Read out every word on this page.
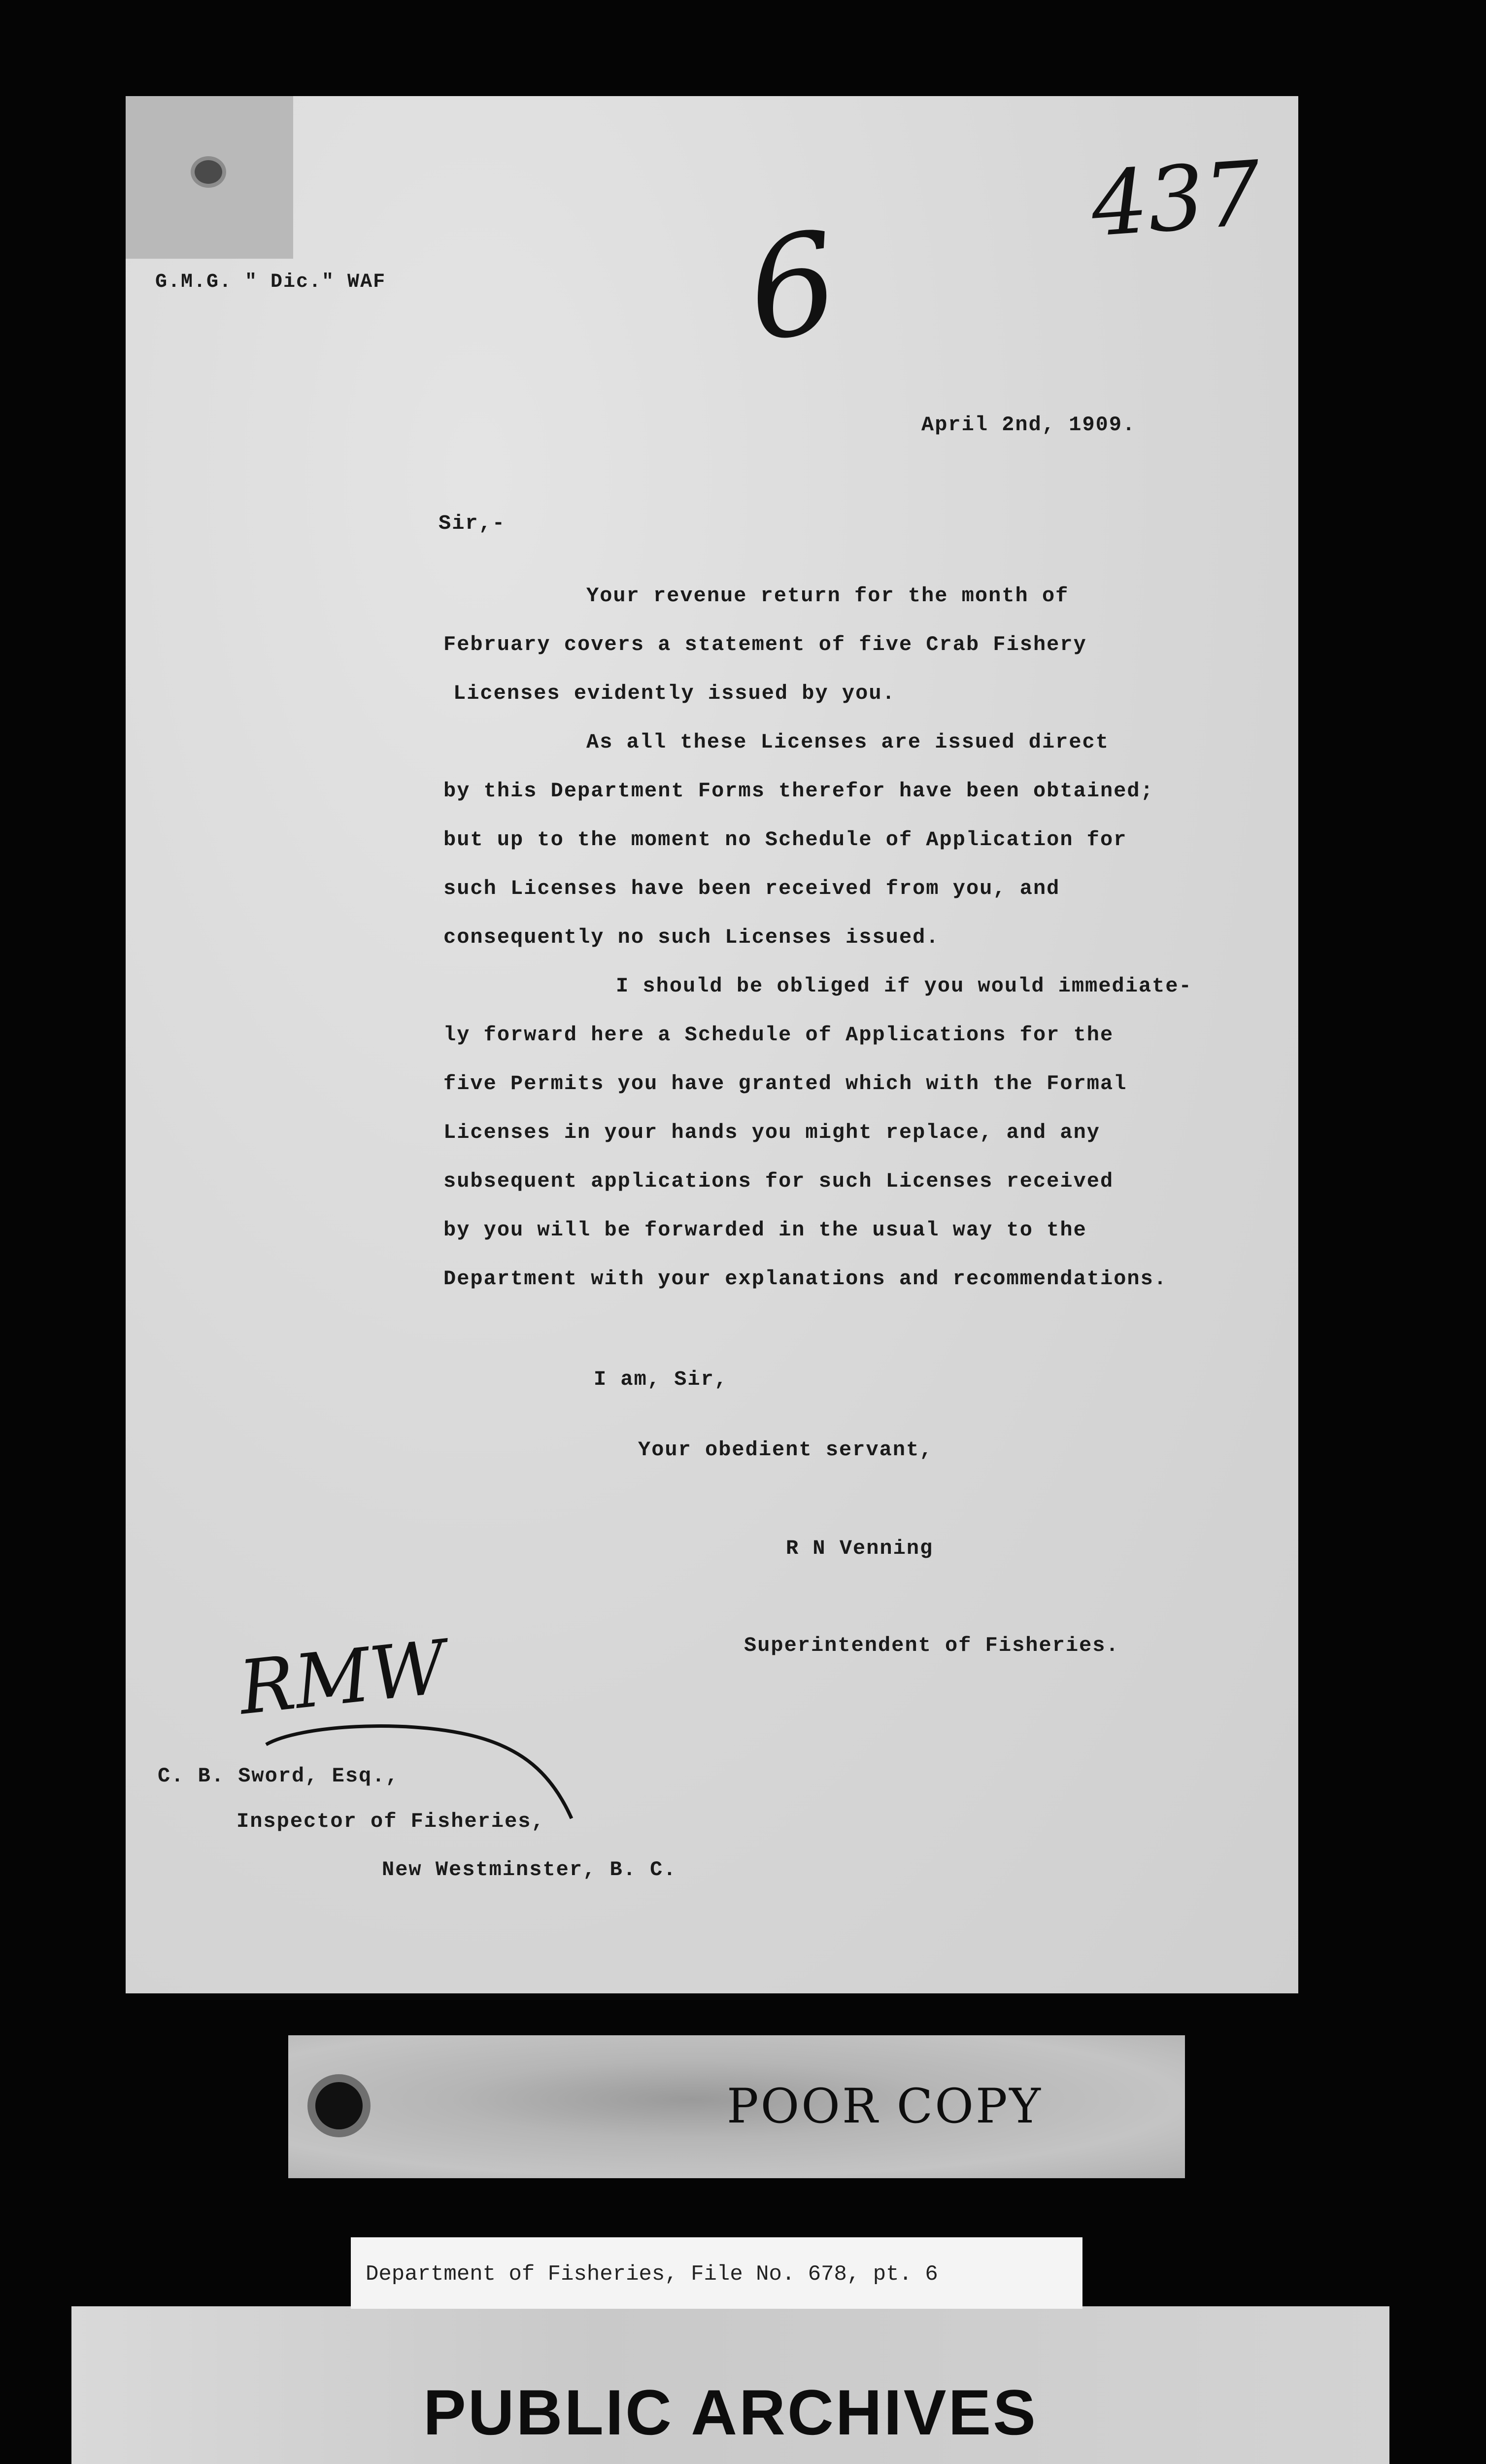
437
6
G.M.G. " Dic." WAF
April 2nd, 1909.
Sir,-
Your revenue return for the month of
February covers a statement of five Crab Fishery
Licenses evidently issued by you.
As all these Licenses are issued direct
by this Department Forms therefor have been obtained;
but up to the moment no Schedule of Application for
such Licenses have been received from you, and
consequently no such Licenses issued.
I should be obliged if you would immediate-
ly forward here a Schedule of Applications for the
five Permits you have granted which with the Formal
Licenses in your hands you might replace, and any
subsequent applications for such Licenses received
by you will be forwarded in the usual way to the
Department with your explanations and recommendations.
I am, Sir,
Your obedient servant,
R N Venning
Superintendent of Fisheries.
RMW
C. B. Sword, Esq.,
Inspector of Fisheries,
New Westminster, B. C.
POOR COPY
Department of Fisheries, File No. 678, pt. 6
PUBLIC ARCHIVES
